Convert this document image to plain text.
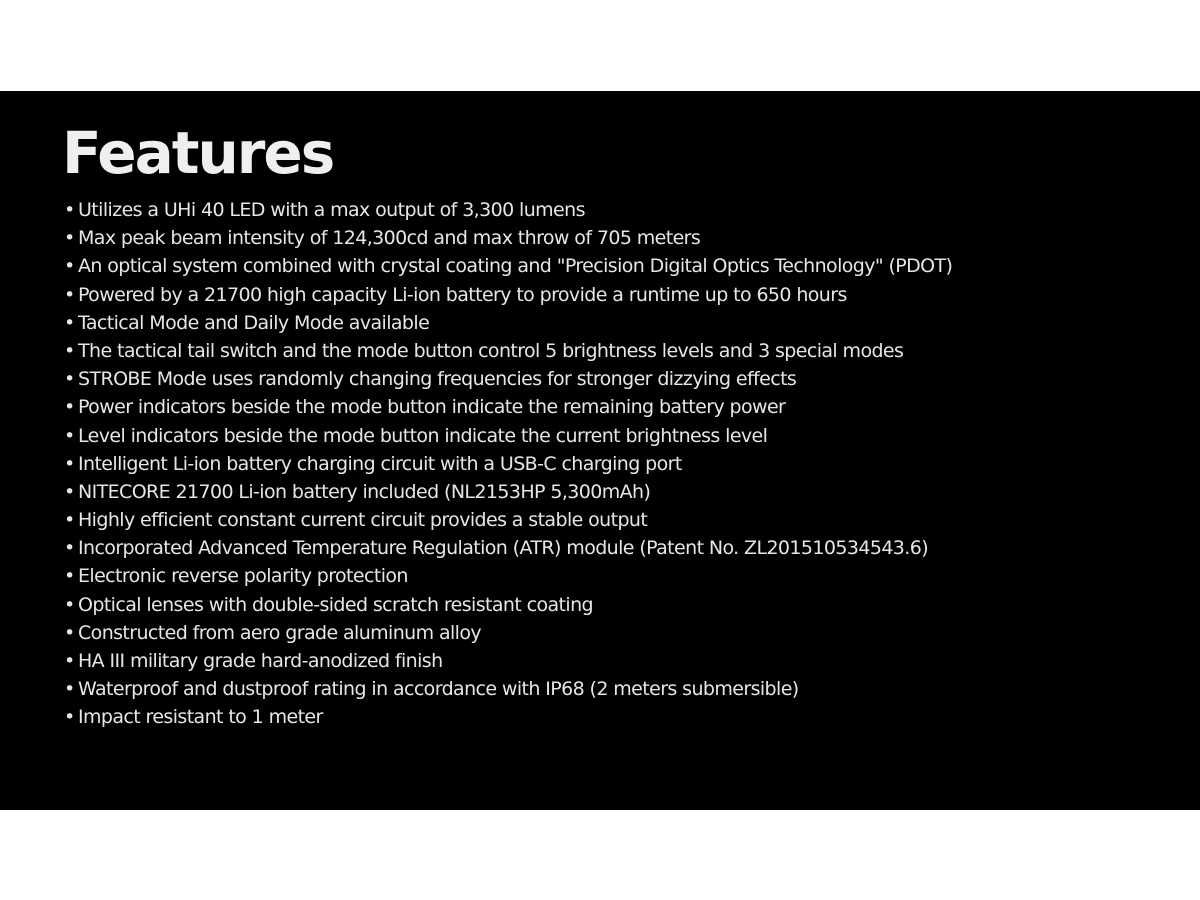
Features
• Utilizes a UHi 40 LED with a max output of 3,300 lumens
• Max peak beam intensity of 124,300cd and max throw of 705 meters
• An optical system combined with crystal coating and "Precision Digital Optics Technology" (PDOT)
• Powered by a 21700 high capacity Li-ion battery to provide a runtime up to 650 hours
• Tactical Mode and Daily Mode available
• The tactical tail switch and the mode button control 5 brightness levels and 3 special modes
• STROBE Mode uses randomly changing frequencies for stronger dizzying effects
• Power indicators beside the mode button indicate the remaining battery power
• Level indicators beside the mode button indicate the current brightness level
• Intelligent Li-ion battery charging circuit with a USB-C charging port
• NITECORE 21700 Li-ion battery included (NL2153HP 5,300mAh)
• Highly efficient constant current circuit provides a stable output
• Incorporated Advanced Temperature Regulation (ATR) module (Patent No. ZL201510534543.6)
• Electronic reverse polarity protection
• Optical lenses with double-sided scratch resistant coating
• Constructed from aero grade aluminum alloy
• HA III military grade hard-anodized finish
• Waterproof and dustproof rating in accordance with IP68 (2 meters submersible)
• Impact resistant to 1 meter
